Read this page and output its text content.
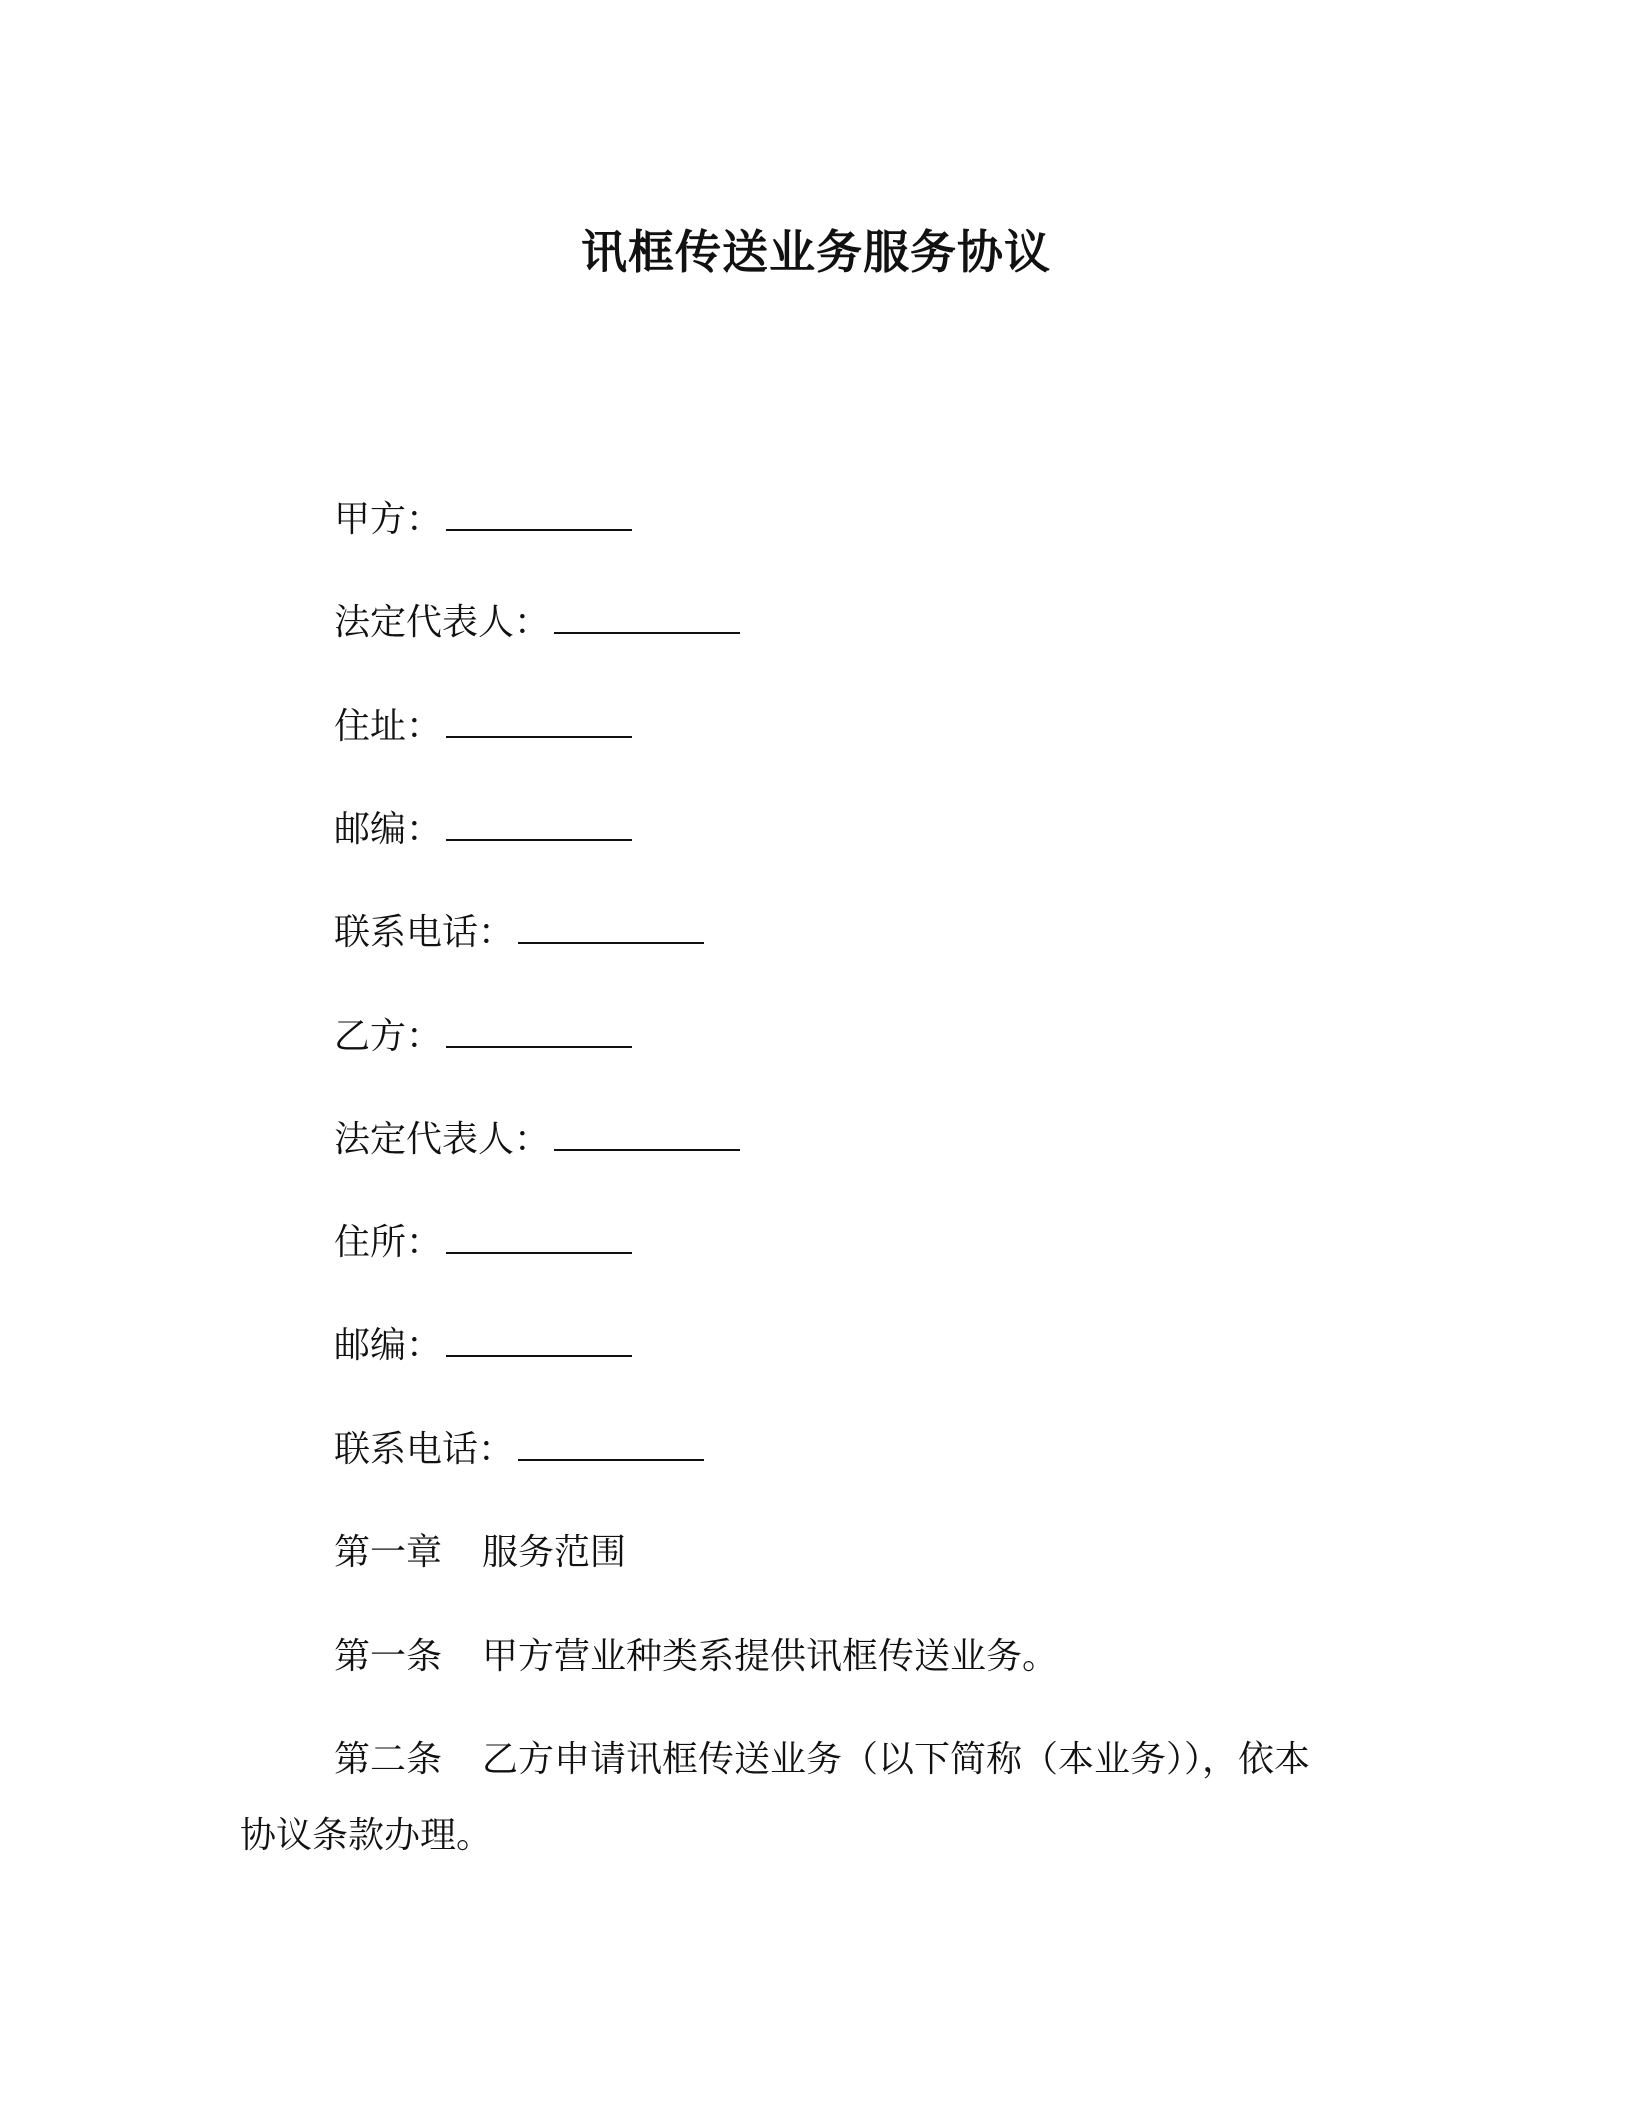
讯框传送业务服务协议
甲方：
法定代表人：
住址：
邮编：
联系电话：
乙方：
法定代表人：
住所：
邮编：
联系电话：
第一章 服务范围
第一条 甲方营业种类系提供讯框传送业务。
第二条 乙方申请讯框传送业务（以下简称（本业务）），依本
协议条款办理。
